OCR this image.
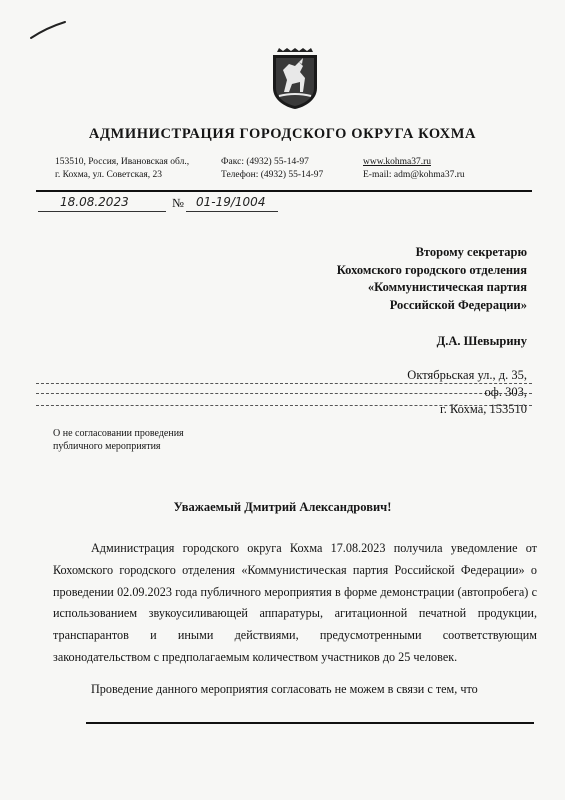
АДМИНИСТРАЦИЯ ГОРОДСКОГО ОКРУГА КОХМА
153510, Россия, Ивановская обл.,
г. Кохма, ул. Советская, 23
Факс: (4932) 55-14-97
Телефон: (4932) 55-14-97
www.kohma37.ru
E-mail: adm@kohma37.ru
18.08.2023	№ 01-19/1004
Второму секретарю
Кохомского городского отделения
«Коммунистическая партия
Российской Федерации»
Д.А. Шевырину
Октябрьская ул., д. 35,
оф. 303,
г. Кохма, 153510
О не согласовании проведения
публичного мероприятия
Уважаемый Дмитрий Александрович!

Администрация городского округа Кохма 17.08.2023 получила уведомление от Кохомского городского отделения «Коммунистическая партия Российской Федерации» о проведении 02.09.2023 года публичного мероприятия в форме демонстрации (автопробега) с использованием звукоусиливающей аппаратуры, агитационной печатной продукции, транспарантов и иными действиями, предусмотренными соответствующим законодательством с предполагаемым количеством участников до 25 человек.

Проведение данного мероприятия согласовать не можем в связи с тем, что
